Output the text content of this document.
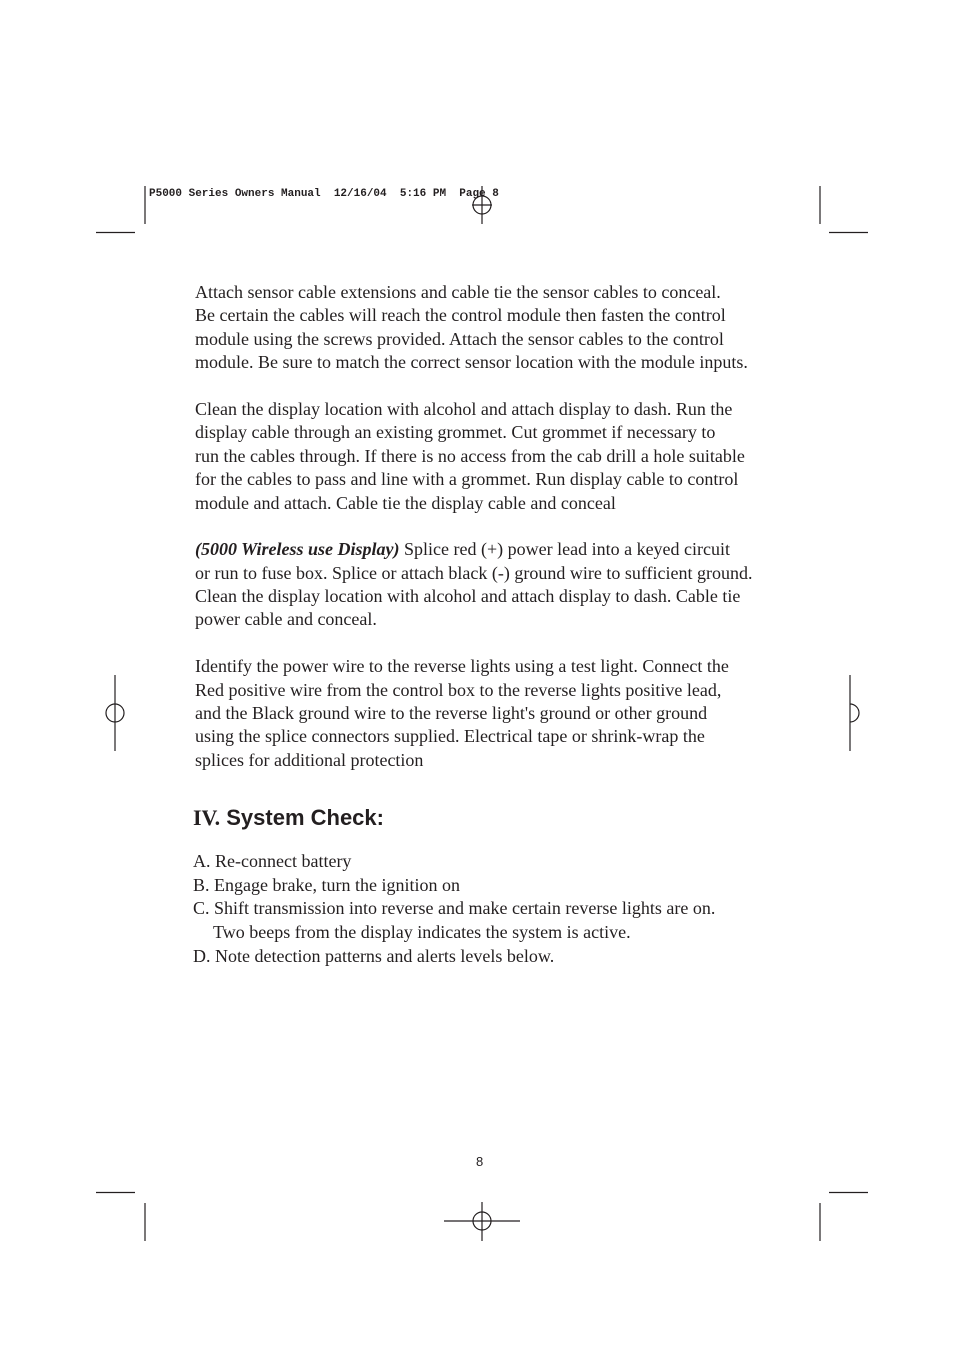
P5000 Series Owners Manual  12/16/04  5:16 PM  Page 8
Attach sensor cable extensions and cable tie the sensor cables to conceal.
Be certain the cables will reach the control module then fasten the control
module using the screws provided. Attach the sensor cables to the control
module. Be sure to match the correct sensor location with the module inputs.
Clean the display location with alcohol and attach display to dash. Run the
display cable through an existing grommet. Cut grommet if necessary to
run the cables through. If there is no access from the cab drill a hole suitable
for the cables to pass and line with a grommet. Run display cable to control
module and attach. Cable tie the display cable and conceal
(5000 Wireless use Display) Splice red (+) power lead into a keyed circuit
or run to fuse box. Splice or attach black (-) ground wire to sufficient ground.
Clean the display location with alcohol and attach display to dash. Cable tie
power cable and conceal.
Identify the power wire to the reverse lights using a test light. Connect the
Red positive wire from the control box to the reverse lights positive lead,
and the Black ground wire to the reverse light's ground or other ground
using the splice connectors supplied. Electrical tape or shrink-wrap the
splices for additional protection
IV. System Check:
A. Re-connect battery
B. Engage brake, turn the ignition on
C. Shift transmission into reverse and make certain reverse lights are on.
Two beeps from the display indicates the system is active.
D. Note detection patterns and alerts levels below.
8
